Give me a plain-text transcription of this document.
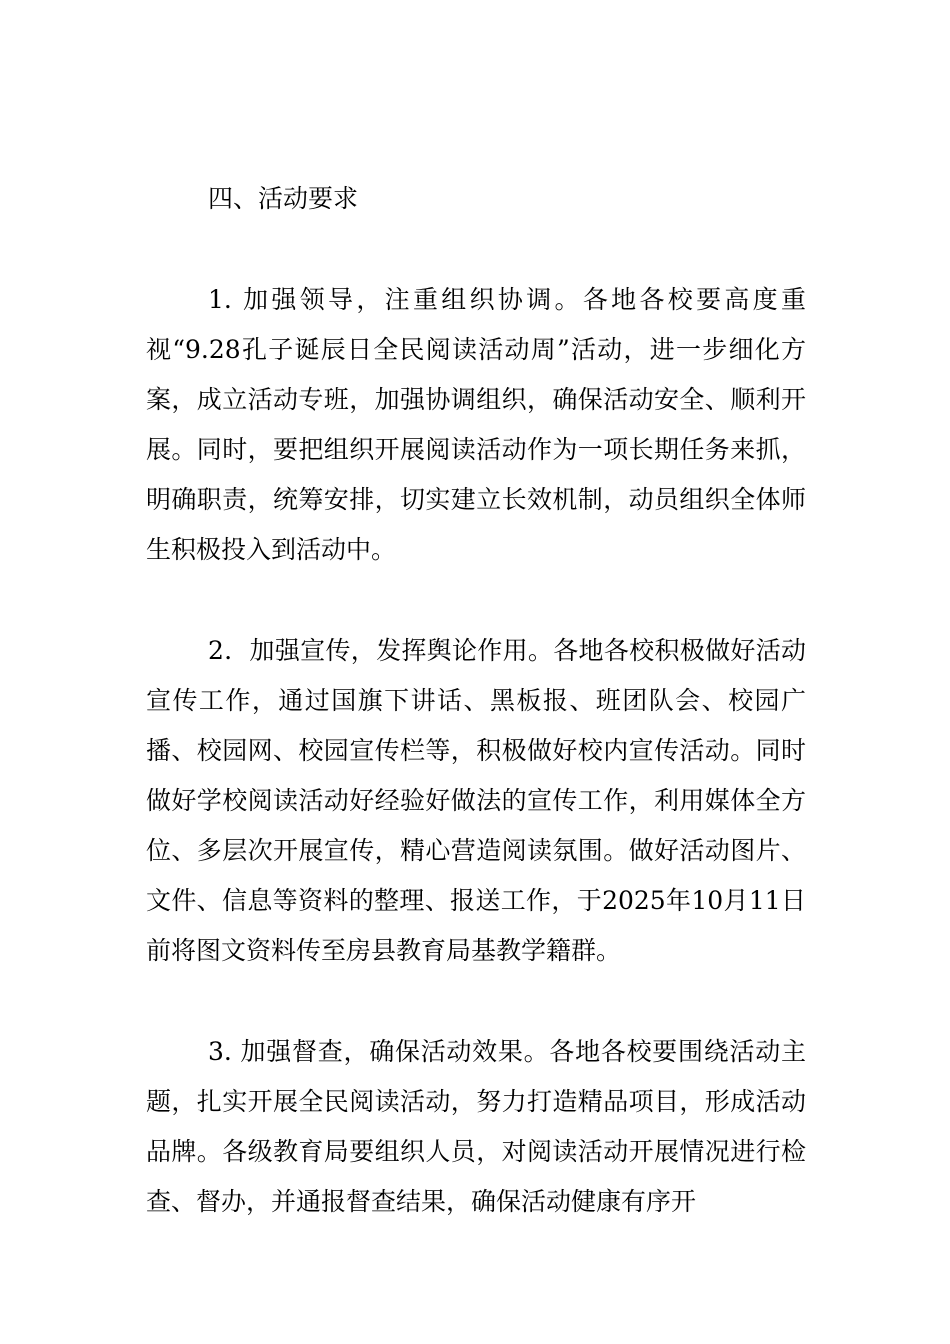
四、活动要求

1. 加强领导，注重组织协调。各地各校要高度重视“9.28孔子诞辰日全民阅读活动周”活动，进一步细化方案，成立活动专班，加强协调组织，确保活动安全、顺利开展。同时，要把组织开展阅读活动作为一项长期任务来抓，明确职责，统筹安排，切实建立长效机制，动员组织全体师生积极投入到活动中。

2．加强宣传，发挥舆论作用。各地各校积极做好活动宣传工作，通过国旗下讲话、黑板报、班团队会、校园广播、校园网、校园宣传栏等，积极做好校内宣传活动。同时做好学校阅读活动好经验好做法的宣传工作，利用媒体全方位、多层次开展宣传，精心营造阅读氛围。做好活动图片、文件、信息等资料的整理、报送工作，于2025年10月11日前将图文资料传至房县教育局基教学籍群。

3. 加强督查，确保活动效果。各地各校要围绕活动主题，扎实开展全民阅读活动，努力打造精品项目，形成活动品牌。各级教育局要组织人员，对阅读活动开展情况进行检查、督办，并通报督查结果，确保活动健康有序开
